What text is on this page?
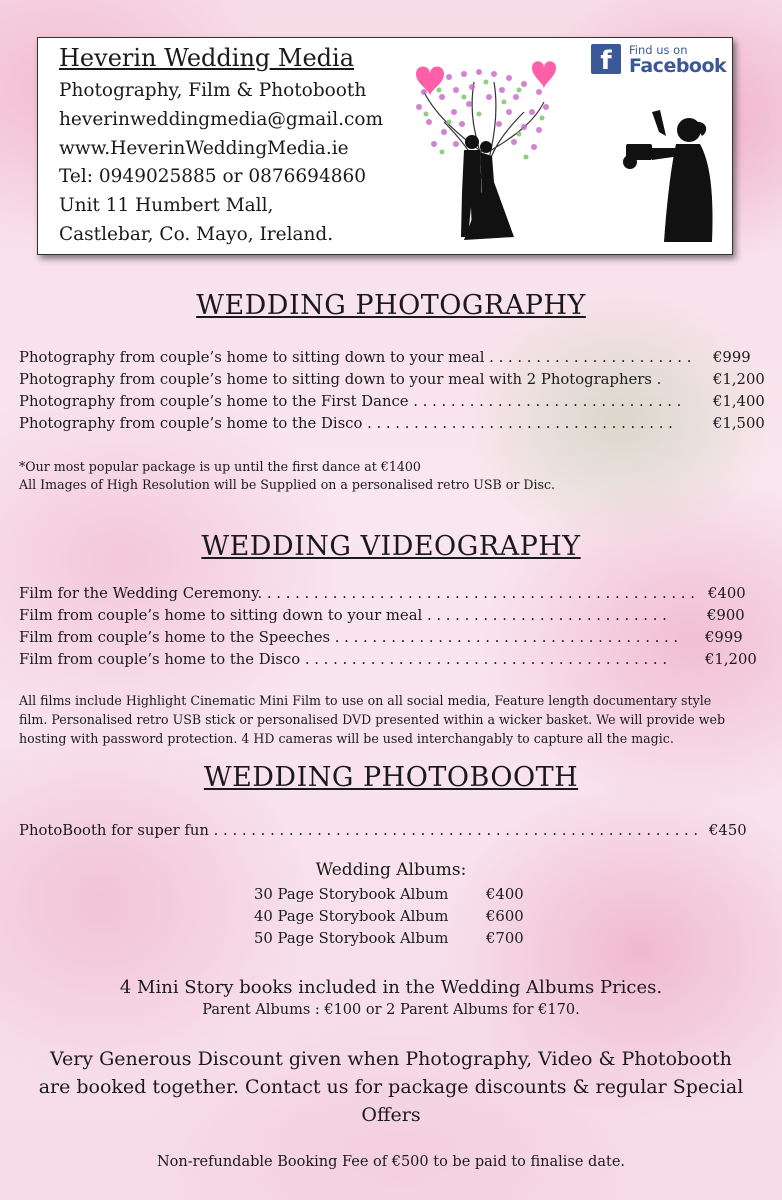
Heverin Wedding Media
Photography, Film & Photobooth
heverinweddingmedia@gmail.com
www.HeverinWeddingMedia.ie
Tel: 0949025885 or 0876694860
Unit 11 Humbert Mall,
Castlebar, Co. Mayo, Ireland.
f	Find us on
Facebook
WEDDING PHOTOGRAPHY
Photography from couple’s home to sitting down to your meal . . . . . . . . . . . . . . . . . . . . . .	€999
Photography from couple’s home to sitting down to your meal with 2 Photographers .	€1,200
Photography from couple’s home to the First Dance . . . . . . . . . . . . . . . . . . . . . . . . . . . . .	€1,400
Photography from couple’s home to the Disco . . . . . . . . . . . . . . . . . . . . . . . . . . . . . . . . .	€1,500
*Our most popular package is up until the first dance at €1400
All Images of High Resolution will be Supplied on a personalised retro USB or Disc.
WEDDING VIDEOGRAPHY
Film for the Wedding Ceremony. . . . . . . . . . . . . . . . . . . . . . . . . . . . . . . . . . . . . . . . . . . . . . . €400
Film from couple’s home to sitting down to your meal . . . . . . . . . . . . . . . . . . . . . . . . . .	€900
Film from couple’s home to the Speeches . . . . . . . . . . . . . . . . . . . . . . . . . . . . . . . . . . . . .	€999
Film from couple’s home to the Disco . . . . . . . . . . . . . . . . . . . . . . . . . . . . . . . . . . . . . . .	€1,200
All films include Highlight Cinematic Mini Film to use on all social media, Feature length documentary style
film. Personalised retro USB stick or personalised DVD presented within a wicker basket. We will provide web
hosting with password protection. 4 HD cameras will be used interchangably to capture all the magic.
WEDDING PHOTOBOOTH
PhotoBooth for super fun . . . . . . . . . . . . . . . . . . . . . . . . . . . . . . . . . . . . . . . . . . . . . . . . . . . . €450
Wedding Albums:
30 Page Storybook Album	€400
40 Page Storybook Album	€600
50 Page Storybook Album	€700
4 Mini Story books included in the Wedding Albums Prices.
Parent Albums : €100 or 2 Parent Albums for €170.
Very Generous Discount given when Photography, Video & Photobooth
are booked together. Contact us for package discounts & regular Special
Offers
Non-refundable Booking Fee of €500 to be paid to finalise date.
